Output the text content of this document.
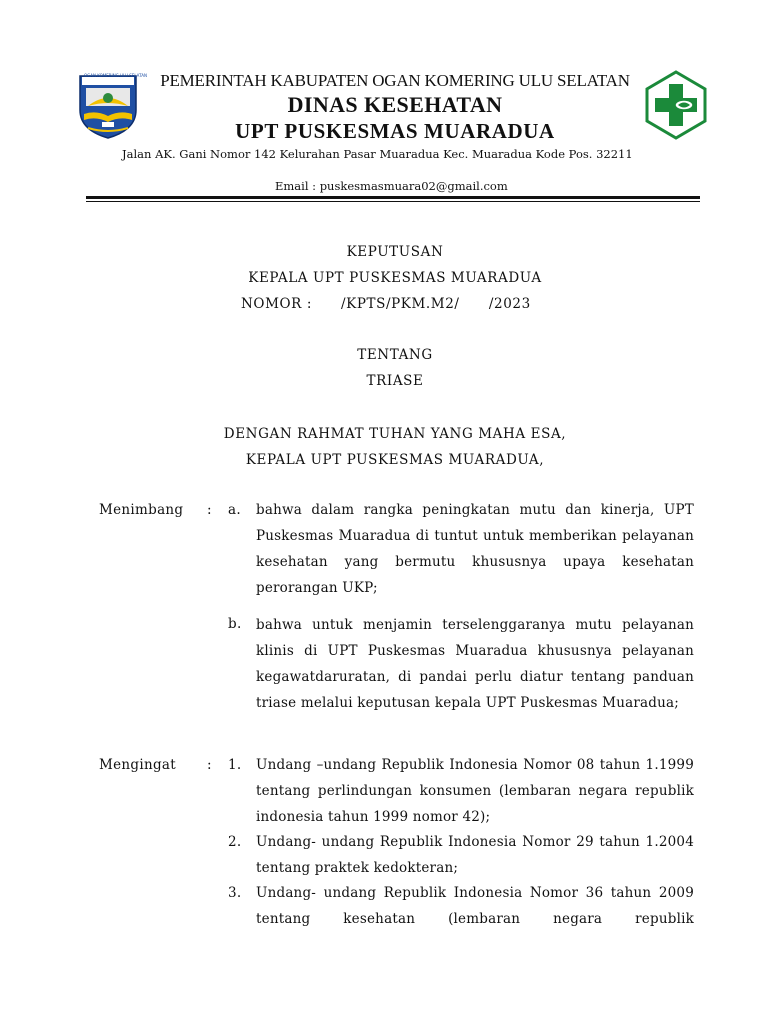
OGAN KOMERING ULU SELATAN PEMERINTAH KABUPATEN OGAN KOMERING ULU SELATAN
DINAS KESEHATAN
UPT PUSKESMAS MUARADUA
Jalan AK. Gani Nomor 142 Kelurahan Pasar Muaradua Kec. Muaradua Kode Pos. 32211
Email : puskesmasmuara02@gmail.com
KEPUTUSAN
KEPALA UPT PUSKESMAS MUARADUA
NOMOR : /KPTS/PKM.M2/      /2023
TENTANG
TRIASE
DENGAN RAHMAT TUHAN YANG MAHA ESA,
KEPALA UPT PUSKESMAS MUARADUA,
Menimbang : a. bahwa dalam rangka peningkatan mutu dan kinerja, UPT Puskesmas Muaradua di tuntut untuk memberikan pelayanan kesehatan yang bermutu khususnya upaya kesehatan perorangan UKP;
b. bahwa untuk menjamin terselenggaranya mutu pelayanan klinis di UPT Puskesmas Muaradua khususnya pelayanan kegawatdaruratan, di pandai perlu diatur tentang panduan triase melalui keputusan kepala UPT Puskesmas Muaradua;
Mengingat : 1. Undang –undang Republik Indonesia Nomor 08 tahun 1.1999 tentang perlindungan konsumen (lembaran negara republik indonesia tahun 1999 nomor 42);
2. Undang- undang Republik Indonesia Nomor 29 tahun 1.2004 tentang praktek kedokteran;
3. Undang- undang Republik Indonesia Nomor 36 tahun 2009 tentang kesehatan (lembaran negara republik
